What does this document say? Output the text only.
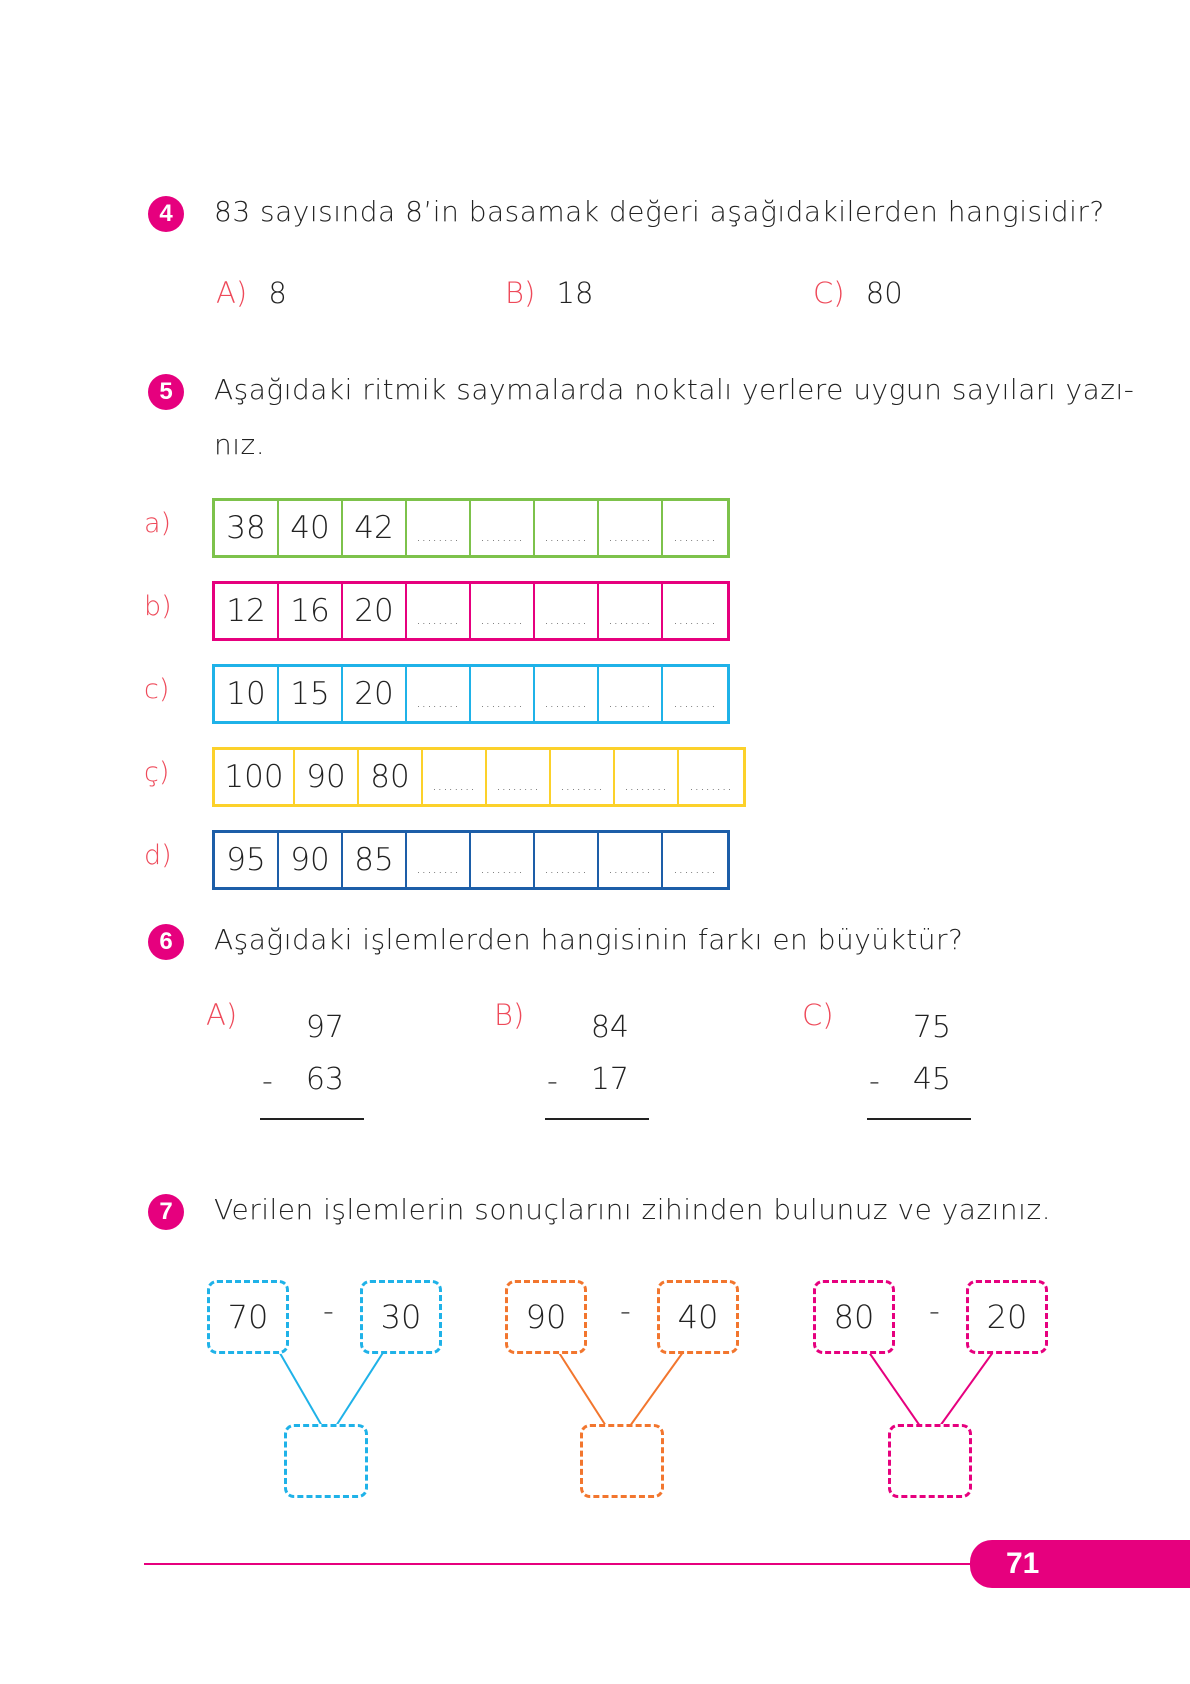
4	83 sayısında 8’in basamak değeri aşağıdakilerden hangisidir?
A) 8	B) 18	C) 80
5	Aşağıdaki ritmik saymalarda noktalı yerlere uygun sayıları yazı-
nız.
a)	38 40 42	........	........	........	........	........
b)	12 16 20	........	........	........	........	........
c)	10 15 20	........	........	........	........	........
ç)	100 90 80	........	........	........	........	........
d)	95 90 85	........	........	........	........	........
6	Aşağıdaki işlemlerden hangisinin farkı en büyüktür?
A) 97
- 63
B) 84
- 17
C)	75
- 45
7	Verilen işlemlerin sonuçlarını zihinden bulunuz ve yazınız.
70	-	30	90	-	40	80	-	20
71
